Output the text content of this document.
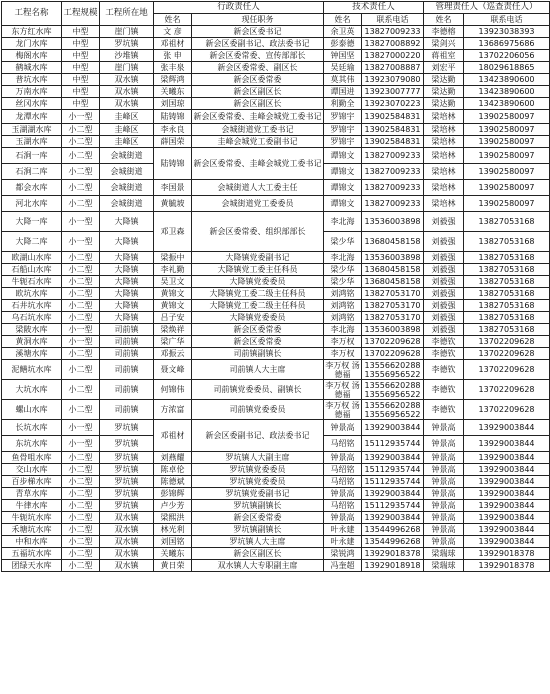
工程名称	工程规模	工程所在地	行政责任人		技术责任人		管理责任人（巡查责任人）	
			姓名	现任职务	姓名	联系电话	姓名	联系电话
东方红水库	中型	崖门镇	文 彦	新会区委书记	余卫英	13827009233	李德榕	13923038393
龙门水库	中型	罗坑镇	邓祖材	新会区委副书记、政法委书记	彭泰德	13827008892	梁剑兴	13686975686
梅阁水库	中型	沙堆镇	张 申	新会区委常委、宣传部部长	钟国坚	13827000220	蒋祖室	13702206056
鹤城水库	中型	崖门镇	张丰泉	新会区委常委、副区长	吴廷瑜	13827008887	刘宏平	18029618865
普坑水库	中型	双水镇	梁辉鸿	新会区委常委	莫其伟	13923079080	梁达勤	13423890600
万南水库	中型	双水镇	关曦东	新会区副区长	谭国进	13923007777	梁达勤	13423890600
丝冈水库	中型	双水镇	刘国琼	新会区副区长	利勤全	13923070223	梁达勤	13423890600
龙潭水库	小一型	圭峰区	陆铸锦	新会区委常委、圭峰会城党工委书记	罗锦宇	13902584831	梁培林	13902580097
玉湖湖水库	小二型	圭峰区	李永良	会城街道党工委书记	罗锦宇	13902584831	梁培林	13902580097
玉湖水库	小二型	圭峰区	薛国荣	圭峰会城党工委副书记	罗锦宇	13902584831	梁培林	13902580097
石涧一库	小二型	会城街道	陆铸锦	新会区委常委、圭峰会城党工委书记	谭锦文	13827009233	梁培林	13902580097
石涧二库	小二型	会城街道			谭锦文	13827009233	梁培林	13902580097
都会水库	小二型	会城街道	李国景	会城街道人大工委主任	谭锦文	13827009233	梁培林	13902580097
河北水库	小二型	会城街道	黄毓坡	会城街道党工委委员	谭锦文	13827009233	梁培林	13902580097
大降一库	小一型	大降镇	邓卫森	新会区委常委、组织部部长	李北海	13536003898	刘毅强	13827053168
大降二库	小一型	大降镇			梁少华	13680458158	刘毅强	13827053168
欧湖山水库	小二型	大降镇	梁振中	大降镇党委副书记	李北海	13536003898	刘毅强	13827053168
石船山水库	小二型	大降镇	李礼勤	大降镇党工委主任科员	梁少华	13680458158	刘毅强	13827053168
牛轭石水库	小二型	大降镇	吴卫文	大降镇党委委员	梁少华	13680458158	刘毅强	13827053168
欧坑水库	小二型	大降镇	黄锦文	大降镇党工委二级主任科员	刘鸿铭	13827053170	刘毅强	13827053168
石井坑水库	小二型	大降镇	黄锦文	大降镇党工委二级主任科员	刘鸿铭	13827053170	刘毅强	13827053168
乌石坑水库	小二型	大降镇	吕子安	大降镇党委委员	刘鸿铭	13827053170	刘毅强	13827053168
梁陂水库	小一型	司前镇	梁焕祥	新会区委常委	李北海	13536003898	刘毅强	13827053168
黄洞水库	小一型	司前镇	梁广华	新会区委常委	李万权	13702209628	李德钦	13702209628
溪塘水库	小二型	司前镇	邓振云	司前镇副镇长	李万权	13702209628	李德钦	13702209628
泥鳝坑水库	小二型	司前镇	聂文峰	司前镇人大主席	李万权 汤德福	13556620288 13556956522	李德钦	13702209628
大坑水库	小二型	司前镇	何锦伟	司前镇党委委员、副镇长	李万权 汤德福	13556620288 13556956522	李德钦	13702209628
螺山水库	小二型	司前镇	方浓富	司前镇党委委员	李万权 汤德福	13556620288 13556956522	李德钦	13702209628
长坑水库	小一型	罗坑镇	邓祖材	新会区委副书记、政法委书记	钟景高	13929003844	钟景高	13929003844
东坑水库	小一型	罗坑镇			马绍铭	15112935744	钟景高	13929003844
鱼骨咀水库	小二型	罗坑镇	刘燕耀	罗坑镇人大副主席	钟景高	13929003844	钟景高	13929003844
交山水库	小二型	罗坑镇	陈卓伦	罗坑镇党委委员	马绍铭	15112935744	钟景高	13929003844
百步梯水库	小二型	罗坑镇	陈德斌	罗坑镇党委委员	马绍铭	15112935744	钟景高	13929003844
青草水库	小二型	罗坑镇	彭锦辉	罗坑镇党委副书记	钟景高	13929003844	钟景高	13929003844
牛律水库	小二型	罗坑镇	卢少芳	罗坑镇副镇长	马绍铭	15112935744	钟景高	13929003844
牛轭坑水库	小二型	双水镇	梁熙洪	新会区委常委	钟景高	13929003844	钟景高	13929003844
禾塘坑水库	小二型	双水镇	林光利	罗坑镇副镇长	叶永建	13544996268	钟景高	13929003844
中和水库	小二型	双水镇	刘国铭	罗坑镇人大主席	叶永建	13544996268	钟景高	13929003844
五福坑水库	小二型	双水镇	关曦东	新会区副区长	梁锐鸿	13929018378	梁瑞球	13929018378
团绿天水库	小二型	双水镇	黄日荣	双水镇人大专职副主席	冯奎超	13929018918	梁瑞球	13929018378
